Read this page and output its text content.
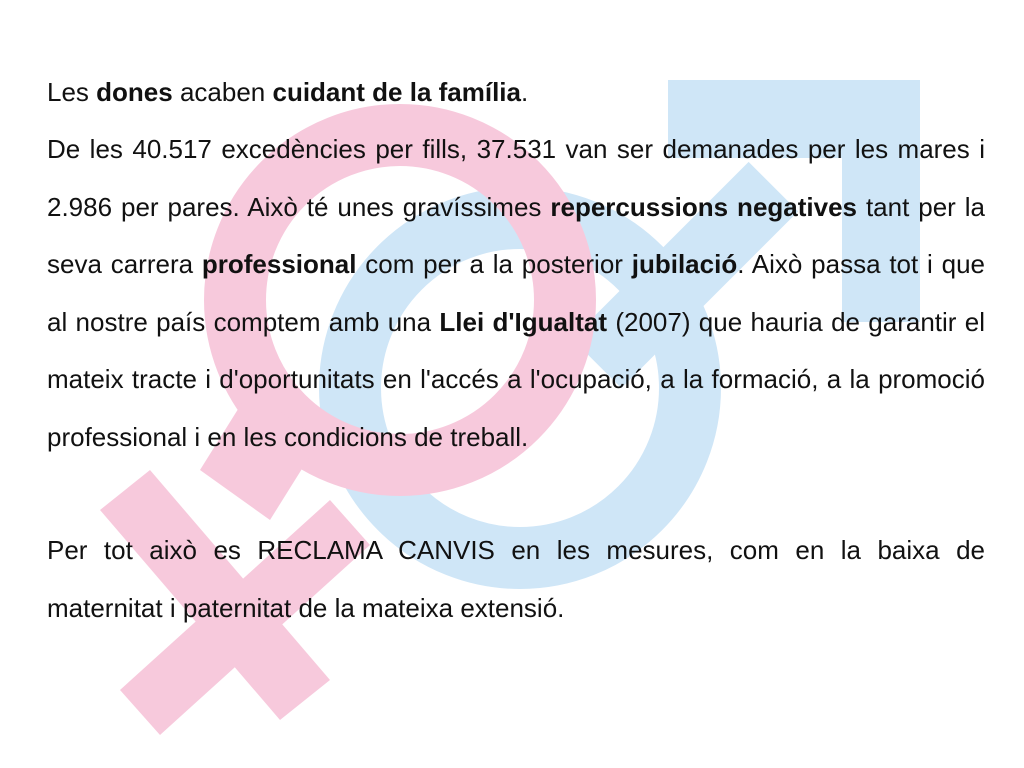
Les dones acaben cuidant de la família.

De les 40.517 excedències per fills, 37.531 van ser demanades per les mares i 2.986 per pares. Això té unes gravíssimes repercussions negatives tant per la seva carrera professional com per a la posterior jubilació. Això passa tot i que al nostre país comptem amb una Llei d'Igualtat (2007) que hauria de garantir el mateix tracte i d'oportunitats en l'accés a l'ocupació, a la formació, a la promoció professional i en les condicions de treball.

Per tot això es RECLAMA CANVIS en les mesures, com en la baixa de maternitat i paternitat de la mateixa extensió.
